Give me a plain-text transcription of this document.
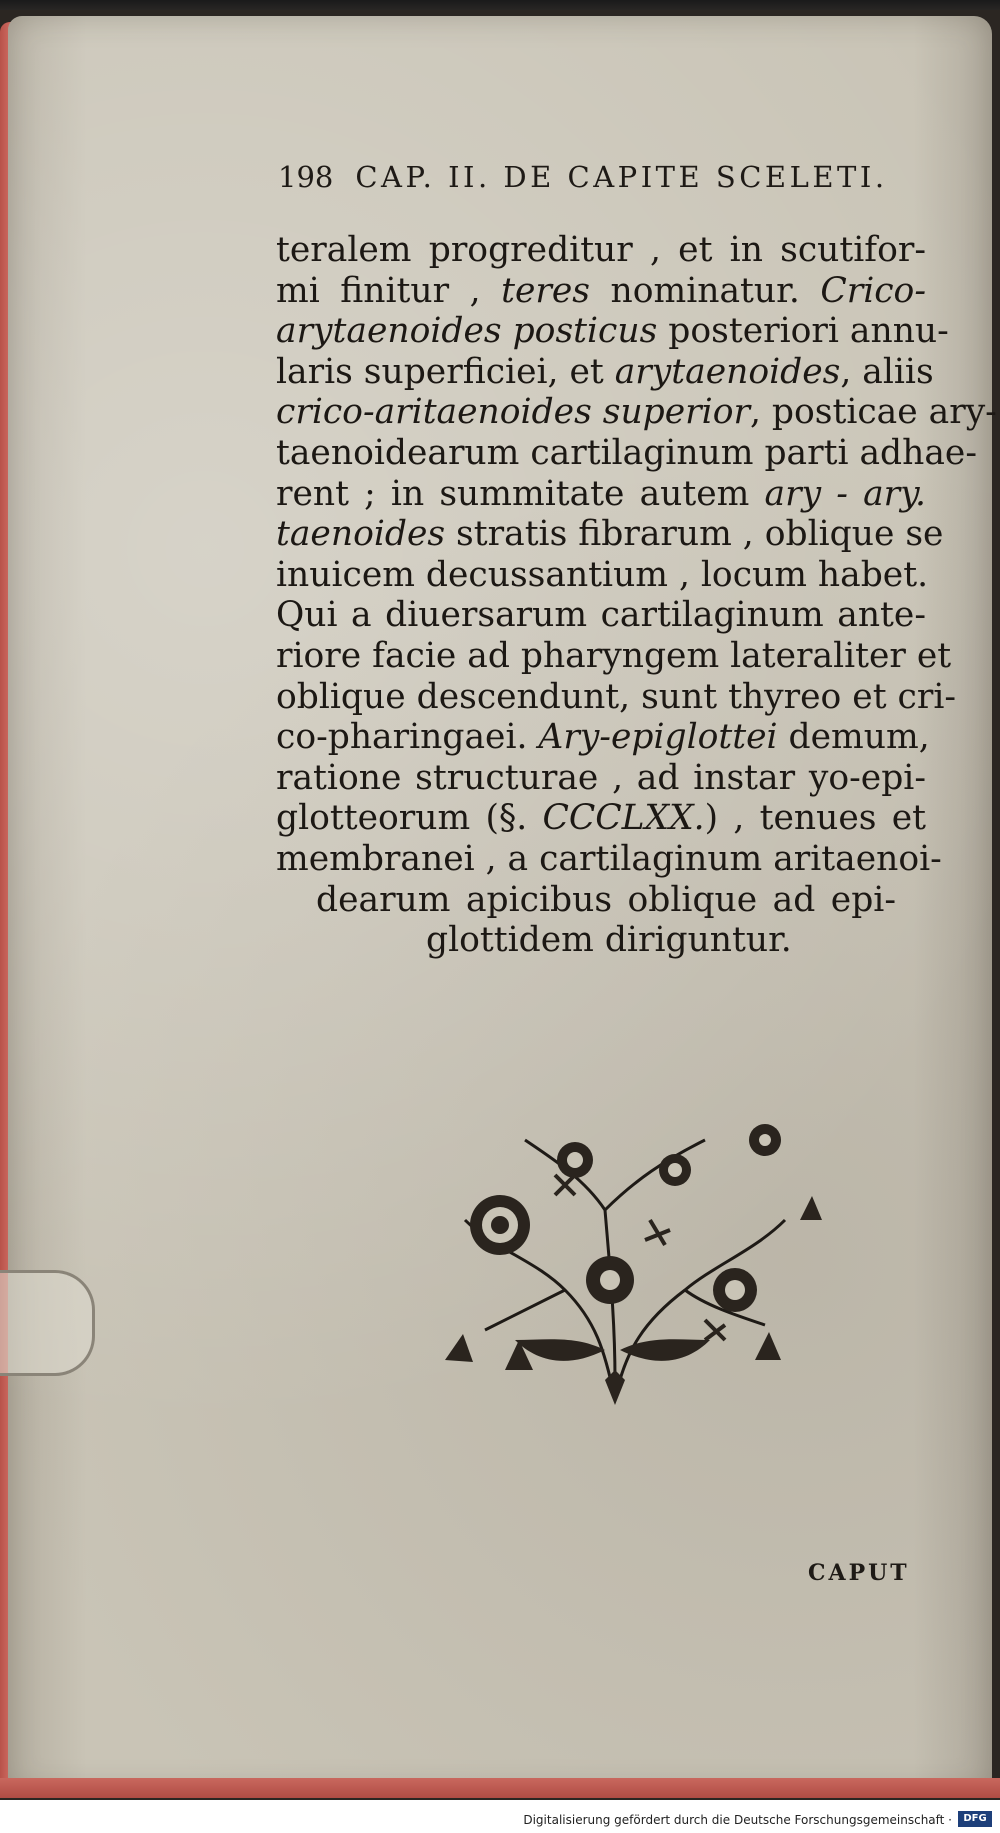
198 CAP. II. DE CAPITE SCELETI.
teralem progreditur , et in scutifor-
mi finitur , teres nominatur. Crico-
arytaenoides posticus posteriori annu-
laris superficiei, et arytaenoides, aliis
crico-aritaenoides superior, posticae ary-
taenoidearum cartilaginum parti adhae-
rent ; in summitate autem ary - ary.
taenoides stratis fibrarum , oblique se
inuicem decussantium , locum habet.
Qui a diuersarum cartilaginum ante-
riore facie ad pharyngem lateraliter et
oblique descendunt, sunt thyreo et cri-
co-pharingaei. Ary-epiglottei demum,
ratione structurae , ad instar yo-epi-
glotteorum (§. CCCLXX.) , tenues et
membranei , a cartilaginum aritaenoi-
dearum apicibus oblique ad epi-
glottidem diriguntur.
CAPUT
Digitalisierung gefördert durch die Deutsche Forschungsgemeinschaft ·	DFG
